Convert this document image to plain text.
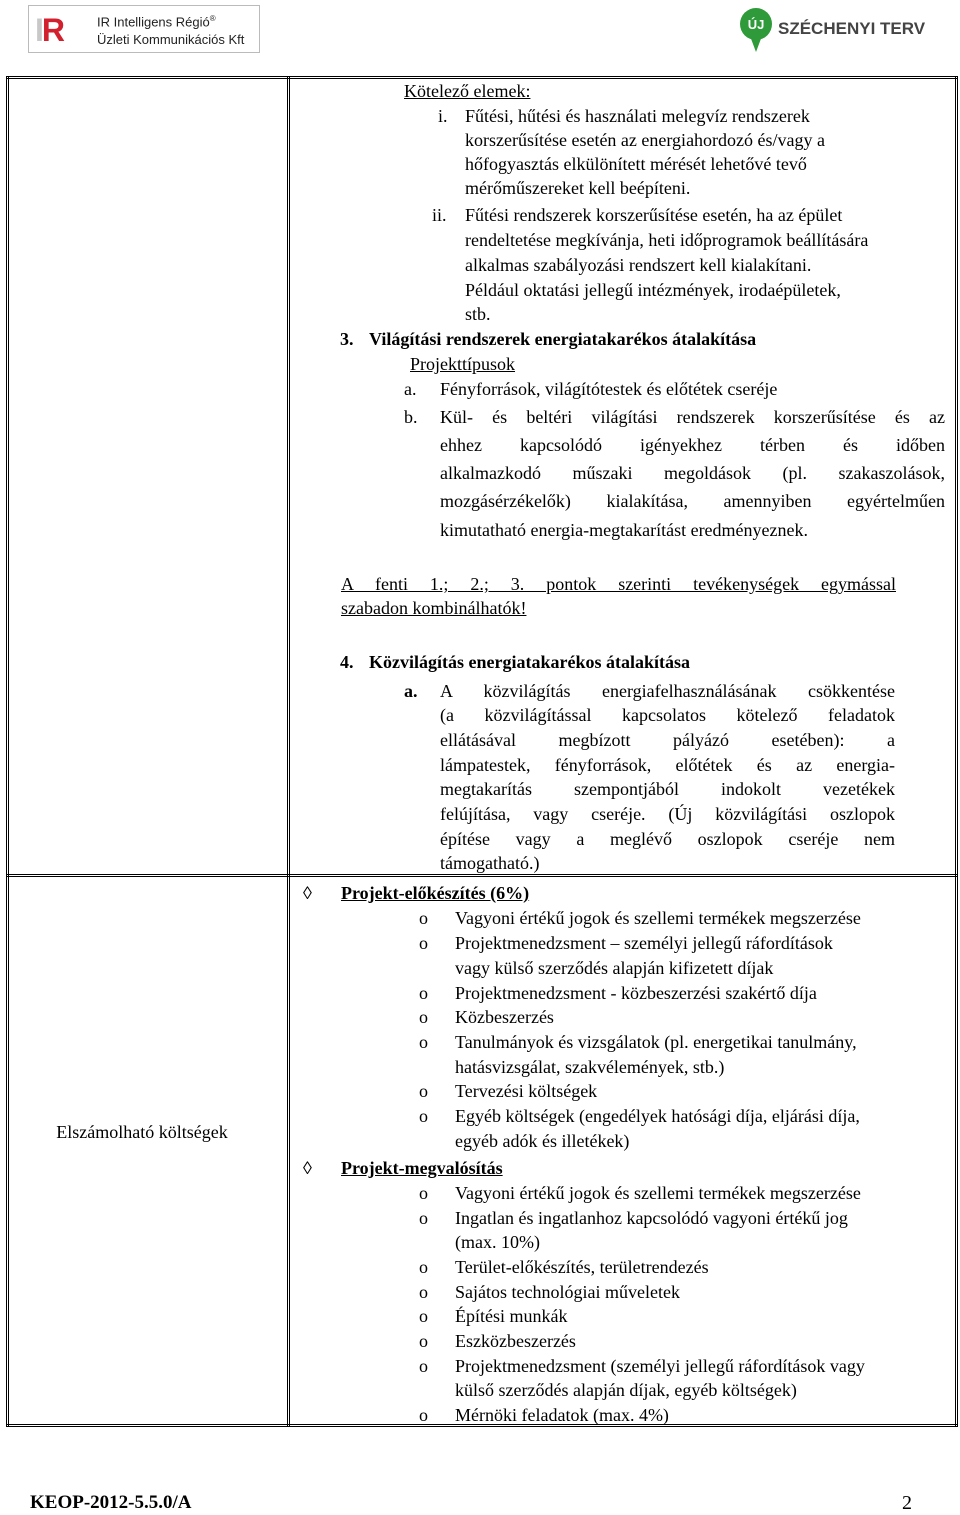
IR	IR Intelligens Régió®
Üzleti Kommunikációs Kft
ÚJ SZÉCHENYI TERV
Elszámolható költségek
Kötelező elemek:
i. Fűtési, hűtési és használati melegvíz rendszerek
korszerűsítése esetén az energiahordozó és/vagy a
hőfogyasztás elkülönített mérését lehetővé tevő
mérőműszereket kell beépíteni.
ii. Fűtési rendszerek korszerűsítése esetén, ha az épület
rendeltetése megkívánja, heti időprogramok beállítására
alkalmas szabályozási rendszert kell kialakítani.
Például oktatási jellegű intézmények, irodaépületek,
stb.
3. Világítási rendszerek energiatakarékos átalakítása
Projekttípusok
a. Fényforrások, világítótestek és előtétek cseréje
b. Kül- és beltéri világítási rendszerek korszerűsítése és az
ehhez kapcsolódó igényekhez térben és időben
alkalmazkodó műszaki megoldások (pl. szakaszolások,
mozgásérzékelők) kialakítása, amennyiben egyértelműen
kimutatható energia-megtakarítást eredményeznek.
A fenti 1.; 2.; 3. pontok szerinti tevékenységek egymással
szabadon kombinálhatók!
4. Közvilágítás energiatakarékos átalakítása
a. A közvilágítás energiafelhasználásának csökkentése
(a közvilágítással kapcsolatos kötelező feladatok
ellátásával megbízott pályázó esetében): a
lámpatestek, fényforrások, előtétek és az energia-
megtakarítás szempontjából indokolt vezetékek
felújítása, vagy cseréje. (Új közvilágítási oszlopok
építése vagy a meglévő oszlopok cseréje nem
támogatható.)
◊ Projekt-előkészítés (6%)
o Vagyoni értékű jogok és szellemi termékek megszerzése
o Projektmenedzsment – személyi jellegű ráfordítások
vagy külső szerződés alapján kifizetett díjak
o Projektmenedzsment - közbeszerzési szakértő díja
o Közbeszerzés
o Tanulmányok és vizsgálatok (pl. energetikai tanulmány,
hatásvizsgálat, szakvélemények, stb.)
o Tervezési költségek
o Egyéb költségek (engedélyek hatósági díja, eljárási díja,
egyéb adók és illetékek)
◊ Projekt-megvalósítás
o Vagyoni értékű jogok és szellemi termékek megszerzése
o Ingatlan és ingatlanhoz kapcsolódó vagyoni értékű jog
(max. 10%)
o Terület-előkészítés, területrendezés
o Sajátos technológiai műveletek
o Építési munkák
o Eszközbeszerzés
o Projektmenedzsment (személyi jellegű ráfordítások vagy
külső szerződés alapján díjak, egyéb költségek)
o Mérnöki feladatok (max. 4%)
KEOP-2012-5.5.0/A	2
